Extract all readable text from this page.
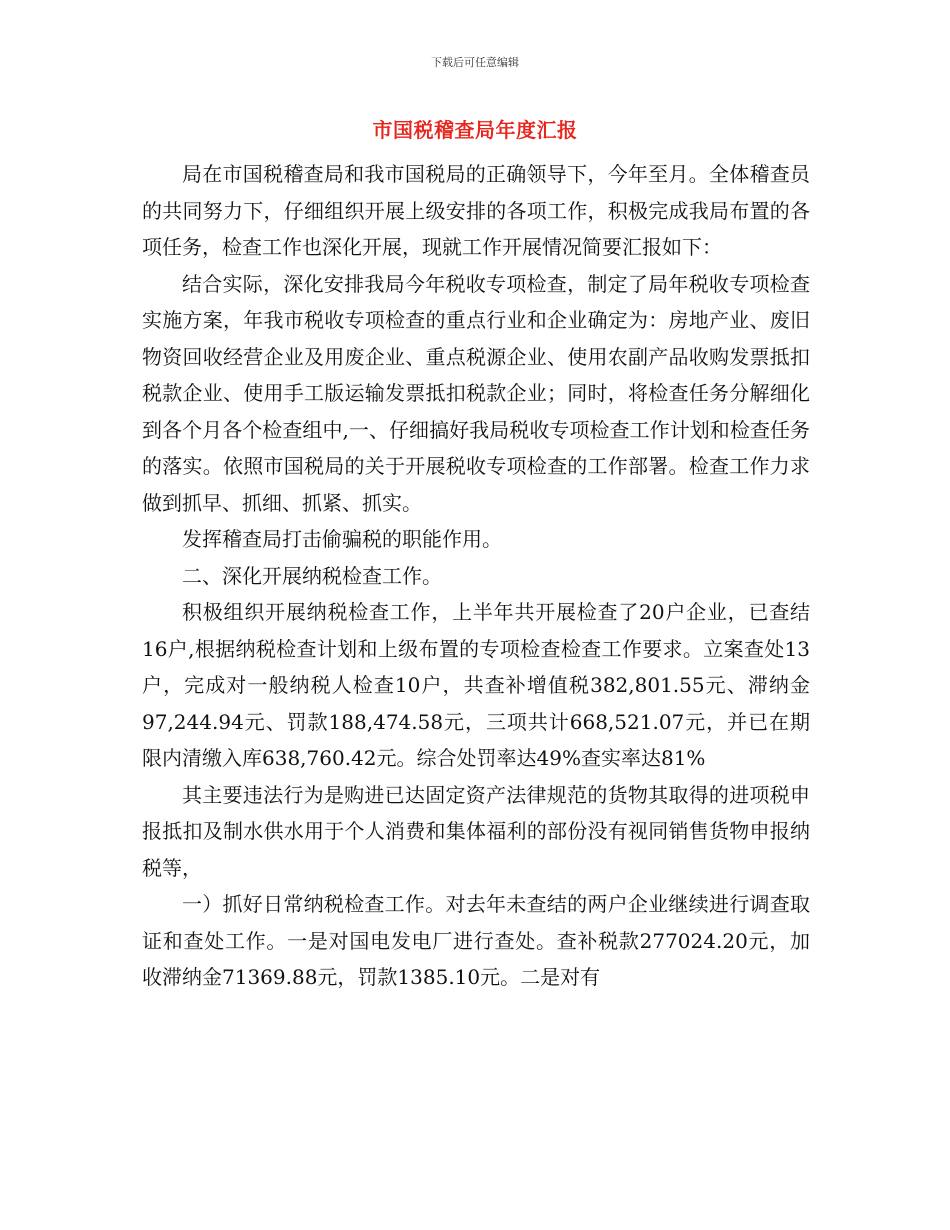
下载后可任意编辑
市国税稽查局年度汇报

局在市国税稽查局和我市国税局的正确领导下，今年至月。全体稽查员的共同努力下，仔细组织开展上级安排的各项工作，积极完成我局布置的各项任务，检查工作也深化开展，现就工作开展情况简要汇报如下：

结合实际，深化安排我局今年税收专项检查，制定了局年税收专项检查实施方案，年我市税收专项检查的重点行业和企业确定为：房地产业、废旧物资回收经营企业及用废企业、重点税源企业、使用农副产品收购发票抵扣税款企业、使用手工版运输发票抵扣税款企业；同时，将检查任务分解细化到各个月各个检查组中,一、仔细搞好我局税收专项检查工作计划和检查任务的落实。依照市国税局的关于开展税收专项检查的工作部署。检查工作力求做到抓早、抓细、抓紧、抓实。

发挥稽查局打击偷骗税的职能作用。

二、深化开展纳税检查工作。

积极组织开展纳税检查工作，上半年共开展检查了20户企业，已查结16户,根据纳税检查计划和上级布置的专项检查检查工作要求。立案查处13户，完成对一般纳税人检查10户，共查补增值税382,801.55元、滞纳金97,244.94元、罚款188,474.58元，三项共计668,521.07元，并已在期限内清缴入库638,760.42元。综合处罚率达49%查实率达81%

其主要违法行为是购进已达固定资产法律规范的货物其取得的进项税申报抵扣及制水供水用于个人消费和集体福利的部份没有视同销售货物申报纳税等，

一）抓好日常纳税检查工作。对去年未查结的两户企业继续进行调查取证和查处工作。一是对国电发电厂进行查处。查补税款277024.20元，加收滞纳金71369.88元，罚款1385.10元。二是对有
